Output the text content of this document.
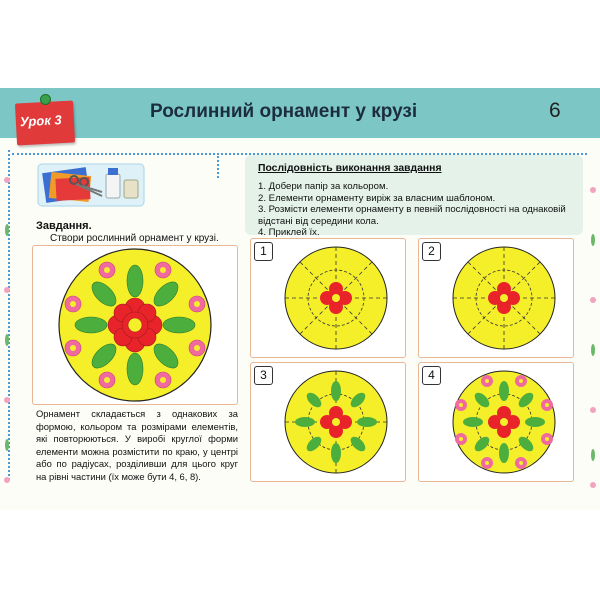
Урок 3	Рослинний орнамент у крузі	6
Завдання.
Створи рослинний орнамент у крузі.
Орнамент складається з однакових за формою, кольором та розмірами елементів, які повторюються. У виробі круглої форми елементи можна розмістити по краю, у центрі або по радіусах, розділивши для цього круг на рівні частини (їх може бути 4, 6, 8).
Послідовність виконання завдання
1. Добери папір за кольором.
2. Елементи орнаменту виріж за власним шаблоном.
3. Розмісти елементи орнаменту в певній послідовності на однаковій відстані від середини кола.
4. Приклей їх.
1	2
3	4
